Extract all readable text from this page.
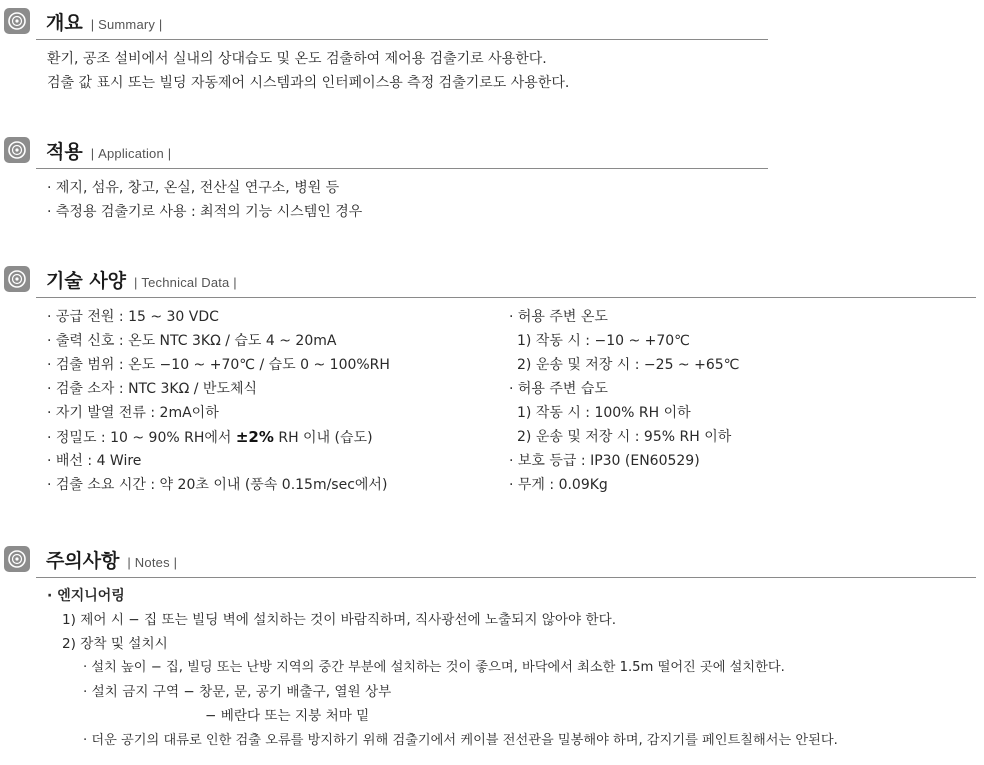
개요 | Summary |
환기, 공조 설비에서 실내의 상대습도 및 온도 검출하여 제어용 검출기로 사용한다.
검출 값 표시 또는 빌딩 자동제어 시스템과의 인터페이스용 측정 검출기로도 사용한다.
적용 | Application |
· 제지, 섬유, 창고, 온실, 전산실 연구소, 병원 등
· 측정용 검출기로 사용 : 최적의 기능 시스템인 경우
기술 사양 | Technical Data |
· 공급 전원 : 15 ~ 30 VDC
· 출력 신호 : 온도 NTC 3KΩ / 습도 4 ~ 20mA
· 검출 범위 : 온도 −10 ~ +70℃ / 습도 0 ~ 100%RH
· 검출 소자 : NTC 3KΩ / 반도체식
· 자기 발열 전류 : 2mA이하
· 정밀도 : 10 ~ 90% RH에서 ±2% RH 이내 (습도)
· 배선 : 4 Wire
· 검출 소요 시간 : 약 20초 이내 (풍속 0.15m/sec에서)
· 허용 주변 온도
1) 작동 시 : −10 ~ +70℃
2) 운송 및 저장 시 : −25 ~ +65℃
· 허용 주변 습도
1) 작동 시 : 100% RH 이하
2) 운송 및 저장 시 : 95% RH 이하
· 보호 등급 : IP30 (EN60529)
· 무게 : 0.09Kg
주의사항 | Notes |
· 엔지니어링
1) 제어 시 − 집 또는 빌딩 벽에 설치하는 것이 바람직하며, 직사광선에 노출되지 않아야 한다.
2) 장착 및 설치시
· 설치 높이 − 집, 빌딩 또는 난방 지역의 중간 부분에 설치하는 것이 좋으며, 바닥에서 최소한 1.5m 떨어진 곳에 설치한다.
· 설치 금지 구역 − 창문, 문, 공기 배출구, 열원 상부
− 베란다 또는 지붕 처마 밑
· 더운 공기의 대류로 인한 검출 오류를 방지하기 위해 검출기에서 케이블 전선관을 밀봉해야 하며, 감지기를 페인트칠해서는 안된다.
